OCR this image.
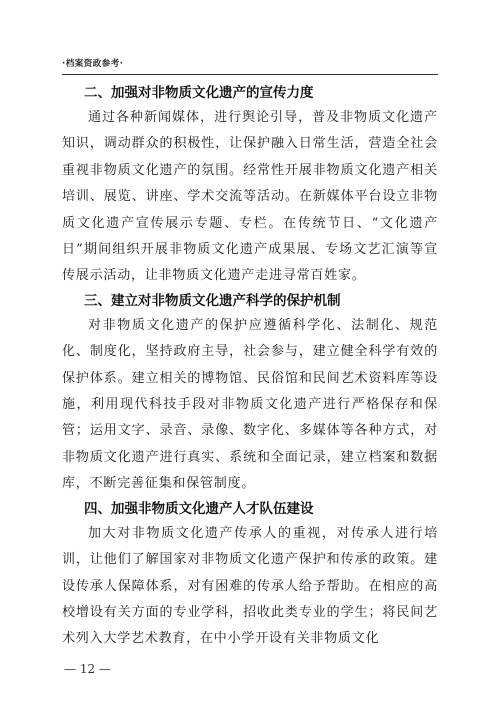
·档案资政参考·
二、加强对非物质文化遗产的宣传力度

通过各种新闻媒体，进行舆论引导，普及非物质文化遗产知识，调动群众的积极性，让保护融入日常生活，营造全社会重视非物质文化遗产的氛围。经常性开展非物质文化遗产相关培训、展览、讲座、学术交流等活动。在新媒体平台设立非物质文化遗产宣传展示专题、专栏。在传统节日、“文化遗产日”期间组织开展非物质文化遗产成果展、专场文艺汇演等宣传展示活动，让非物质文化遗产走进寻常百姓家。

三、建立对非物质文化遗产科学的保护机制

对非物质文化遗产的保护应遵循科学化、法制化、规范化、制度化，坚持政府主导，社会参与，建立健全科学有效的保护体系。建立相关的博物馆、民俗馆和民间艺术资料库等设施，利用现代科技手段对非物质文化遗产进行严格保存和保管；运用文字、录音、录像、数字化、多媒体等各种方式，对非物质文化遗产进行真实、系统和全面记录，建立档案和数据库，不断完善征集和保管制度。

四、加强非物质文化遗产人才队伍建设

加大对非物质文化遗产传承人的重视，对传承人进行培训，让他们了解国家对非物质文化遗产保护和传承的政策。建设传承人保障体系，对有困难的传承人给予帮助。在相应的高校增设有关方面的专业学科，招收此类专业的学生；将民间艺术列入大学艺术教育，在中小学开设有关非物质文化

— 12 —
